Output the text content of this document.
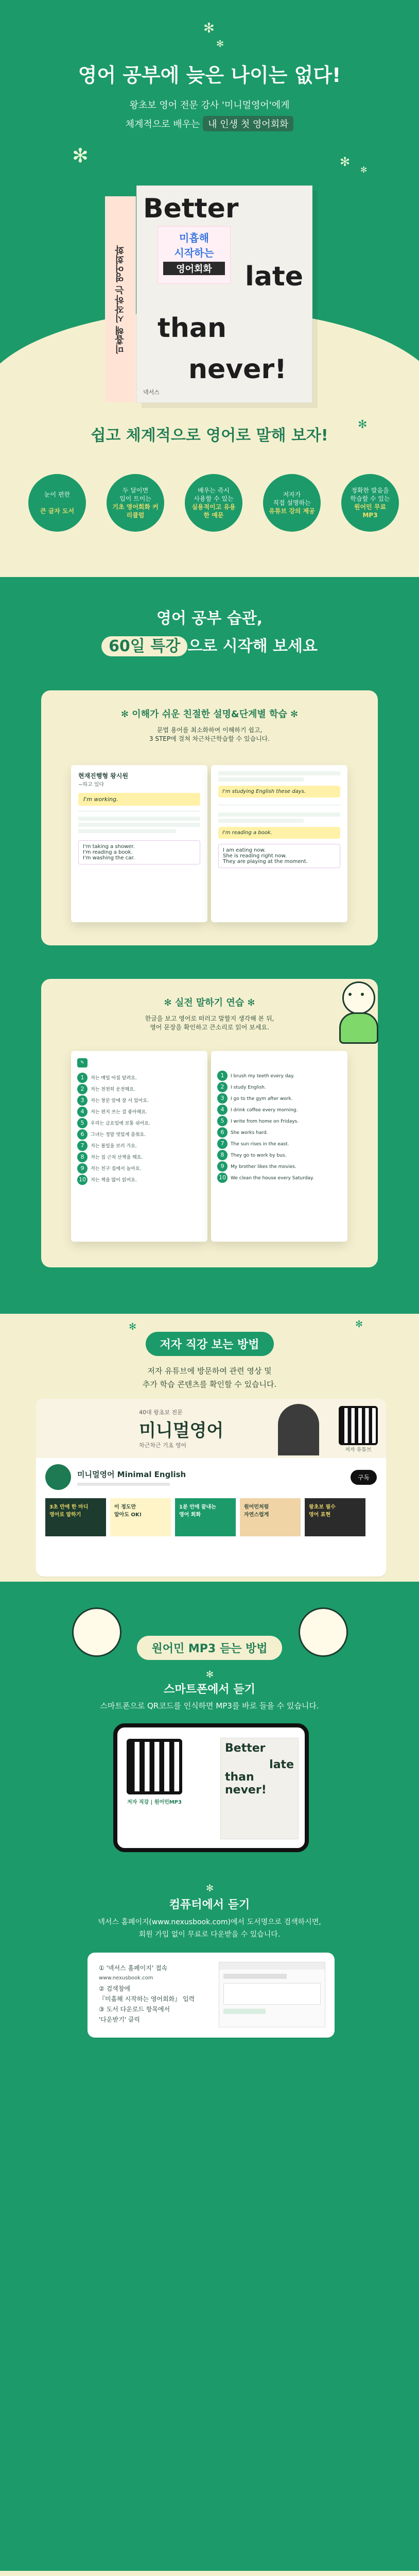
✻
✻
✻	✻
✻
영어 공부에 늦은 나이는 없다!
왕초보 영어 전문 강사 '미니멀영어'에게
체계적으로 배우는 내 인생 첫 영어회화
미흡해 시작하는 영어회화
Better
late
than
never!
미흡해
시작하는
영어회화
넥서스
쉽고 체계적으로 영어로 말해 보자!
✻
눈이 편한

큰 글자 도서
두 달이면
입이 트이는
기초 영어회화 커리큘럼
배우는 즉시
사용할 수 있는
실용적이고 유용한 예문
저자가
직접 설명하는
유튜브 강의 제공
정확한 발음을
학습할 수 있는
원어민 무료 MP3
영어 공부 습관,
60일 특강 으로 시작해 보세요
✻ 이해가 쉬운 친절한 설명&단계별 학습 ✻
문법 용어를 최소화하여 이해하기 쉽고,
3 STEP에 걸쳐 차근차근학습할 수 있습니다.
현재진행형 왕시원
~하고 있다
I'm working.
I'm taking a shower.
I'm reading a book.
I'm washing the car.
I'm studying English these days.
I'm reading a book.
I am eating now.
She is reading right now.
They are playing at the moment.
✻ 실전 말하기 연습 ✻
한글을 보고 영어로 떠러고 말할지 생각해 본 뒤,
영어 문장을 확인하고 큰소리로 읽어 보세요.
✎
1 저는 매일 아침 달려요.
2 저는 천천히 운전해요.
3 저는 창문 앞에 잘 서 있어요.
4 저는 편지 쓰는 걸 좋아해요.
5 우리는 금요일에 보통 쉬어요.
6 그녀는 정말 멋있게 춤춰요.
7 저는 볼일을 보러 가요.
8 저는 집 근처 산책을 해요.
9 저는 친구 집에서 놀아요.
10 저는 책을 많이 읽어요.
1 I brush my teeth every day.
2 I study English.
3 I go to the gym after work.
4 I drink coffee every morning.
5 I write from home on Fridays.
6 She works hard.
7 The sun rises in the east.
8 They go to work by bus.
9 My brother likes the movies.
10 We clean the house every Saturday.
✻	✻
저자 직강 보는 방법
저자 유튜브에 방문하여 관련 영상 및
추가 학습 콘텐츠를 확인할 수 있습니다.
40대 왕초보 전문
미니멀영어
차근차근 기초 영어
저자 유튜브
미니멀영어 Minimal English	구독
3초 만에 한 마디
영어로 말하기
이 정도만
알아도 OK!
1분 안에 끝내는
영어 회화
원어민처럼
자연스럽게
왕초보 필수
영어 표현
원어민 MP3 듣는 방법
✻
스마트폰에서 듣기
스마트폰으로 QR코드를 인식하면 MP3를 바로 들을 수 있습니다.
저자 직강 | 원어민MP3
Better
late
than
never!
✻
컴퓨터에서 듣기
넥서스 홈페이지(www.nexusbook.com)에서 도서명으로 검색하시면,
회원 가입 없이 무료로 다운받을 수 있습니다.
① '넥서스 홈페이지' 접속
www.nexusbook.com
② 검색창에
『미흡해 시작하는 영어회화』 입력
③ 도서 다운로드 항목에서
'다운받기' 클릭
